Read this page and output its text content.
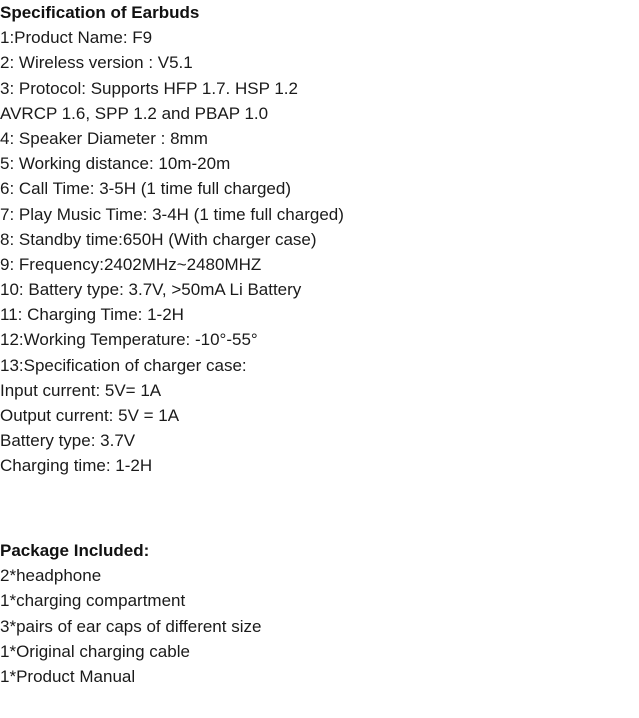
Specification of Earbuds

1:Product Name: F9

2: Wireless version : V5.1

3: Protocol: Supports HFP 1.7. HSP 1.2

AVRCP 1.6, SPP 1.2 and PBAP 1.0

4: Speaker Diameter : 8mm

5: Working distance: 10m-20m

6: Call Time: 3-5H (1 time full charged)

7: Play Music Time: 3-4H (1 time full charged)

8: Standby time:650H (With charger case)

9: Frequency:2402MHz~2480MHZ

10: Battery type: 3.7V, >50mA Li Battery

11: Charging Time: 1-2H

12:Working Temperature: -10°-55°

13:Specification of charger case:

Input current: 5V= 1A

Output current: 5V = 1A

Battery type: 3.7V

Charging time: 1-2H

Package Included:

2*headphone

1*charging compartment

3*pairs of ear caps of different size

1*Original charging cable

1*Product Manual
